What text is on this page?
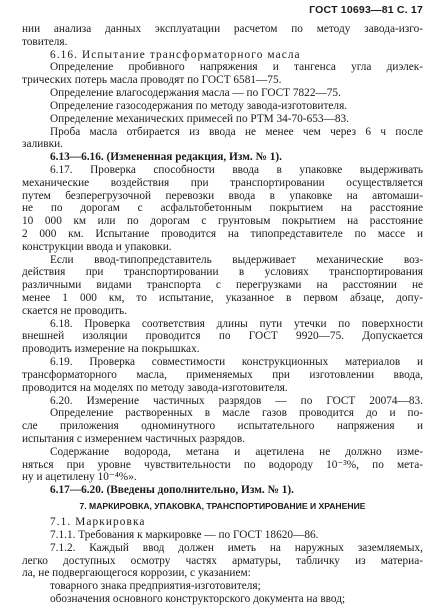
ГОСТ 10693—81 С. 17
нии анализа данных эксплуатации расчетом по методу завода-изго-
товителя.
6.16. Испытание трансформаторного масла
Определение пробивного напряжения и тангенса угла диэлек-
трических потерь масла проводят по ГОСТ 6581—75.
Определение влагосодержания масла — по ГОСТ 7822—75.
Определение газосодержания по методу завода-изготовителя.
Определение механических примесей по РТМ 34-70-653—83.
Проба масла отбирается из ввода не менее чем через 6 ч после
заливки.
6.13—6.16. (Измененная редакция, Изм. № 1).
6.17. Проверка способности ввода в упаковке выдерживать
механические воздействия при транспортировании осуществляется
путем безперегрузочной перевозки ввода в упаковке на автомаши-
не по дорогам с асфальтобетонным покрытием на расстояние
10 000 км или по дорогам с грунтовым покрытием на расстояние
2 000 км. Испытание проводится на типопредставителе по массе и
конструкции ввода и упаковки.
Если ввод-типопредставитель выдерживает механические воз-
действия при транспортировании в условиях транспортирования
различными видами транспорта с перегрузками на расстоянии не
менее 1 000 км, то испытание, указанное в первом абзаце, допу-
скается не проводить.
6.18. Проверка соответствия длины пути утечки по поверхности
внешней изоляции проводится по ГОСТ 9920—75. Допускается
проводить измерение на покрышках.
6.19. Проверка совместимости конструкционных материалов и
трансформаторного масла, применяемых при изготовлении ввода,
проводится на моделях по методу завода-изготовителя.
6.20. Измерение частичных разрядов — по ГОСТ 20074—83.
Определение растворенных в масле газов проводится до и по-
сле приложения одноминутного испытательного напряжения и
испытания с измерением частичных разрядов.
Содержание водорода, метана и ацетилена не должно изме-
няться при уровне чувствительности по водороду 10⁻³%, по мета-
ну и ацетилену 10⁻⁴%».
6.17—6.20. (Введены дополнительно, Изм. № 1).
7. МАРКИРОВКА, УПАКОВКА, ТРАНСПОРТИРОВАНИЕ И ХРАНЕНИЕ
7.1. Маркировка
7.1.1. Требования к маркировке — по ГОСТ 18620—86.
7.1.2. Каждый ввод должен иметь на наружных заземляемых,
легко доступных осмотру частях арматуры, табличку из материа-
ла, не подвергающегося коррозии, с указанием:
товарного знака предприятия-изготовителя;
обозначения основного конструкторского документа на ввод;
